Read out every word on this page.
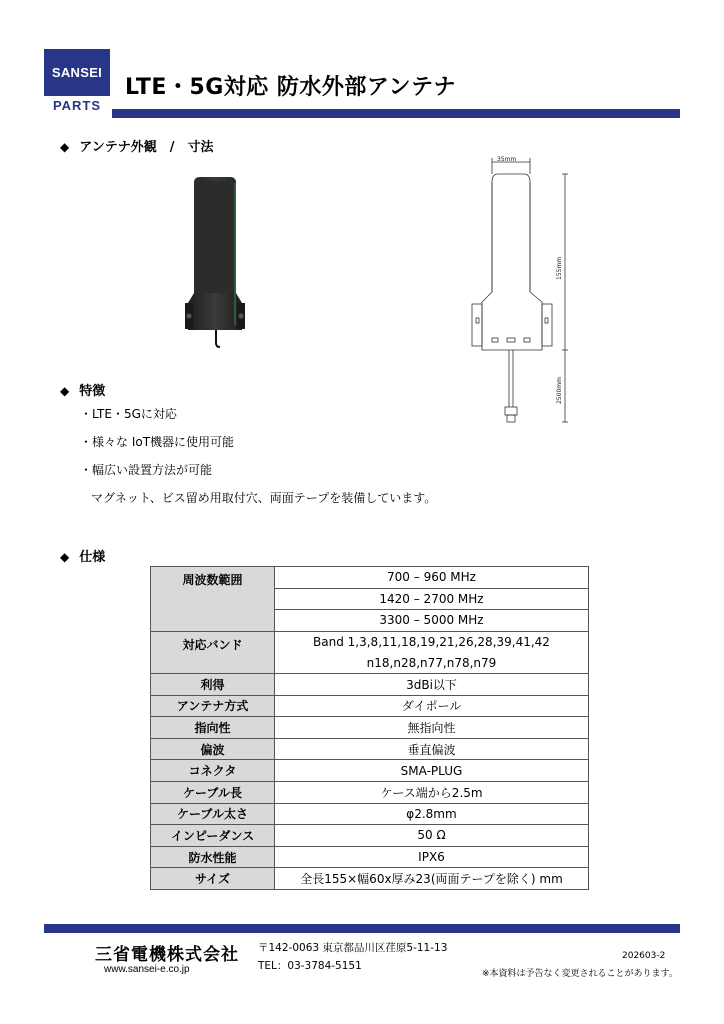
SANSEI
PARTS
LTE・5G対応 防水外部アンテナ
◆ アンテナ外観　/　寸法
35mm
155mm
2500mm
◆ 特徴
・LTE・5Gに対応
・様々な IoT機器に使用可能
・幅広い設置方法が可能
マグネット、ビス留め用取付穴、両面テープを装備しています。
◆ 仕様
周波数範囲	700 – 960 MHz
	1420 – 2700 MHz
	3300 – 5000 MHz
対応バンド	Band 1,3,8,11,18,19,21,26,28,39,41,42
	n18,n28,n77,n78,n79
利得	3dBi以下
アンテナ方式	ダイポール
指向性	無指向性
偏波	垂直偏波
コネクタ	SMA-PLUG
ケーブル長	ケース端から2.5m
ケーブル太さ	φ2.8mm
インピーダンス	50 Ω
防水性能	IPX6
サイズ	全長155×幅60x厚み23(両面テープを除く) mm
三省電機株式会社
www.sansei-e.co.jp
〒142-0063 東京都品川区荏原5-11-13
TEL：03-3784-5151
202603-2
※本資料は予告なく変更されることがあります。
